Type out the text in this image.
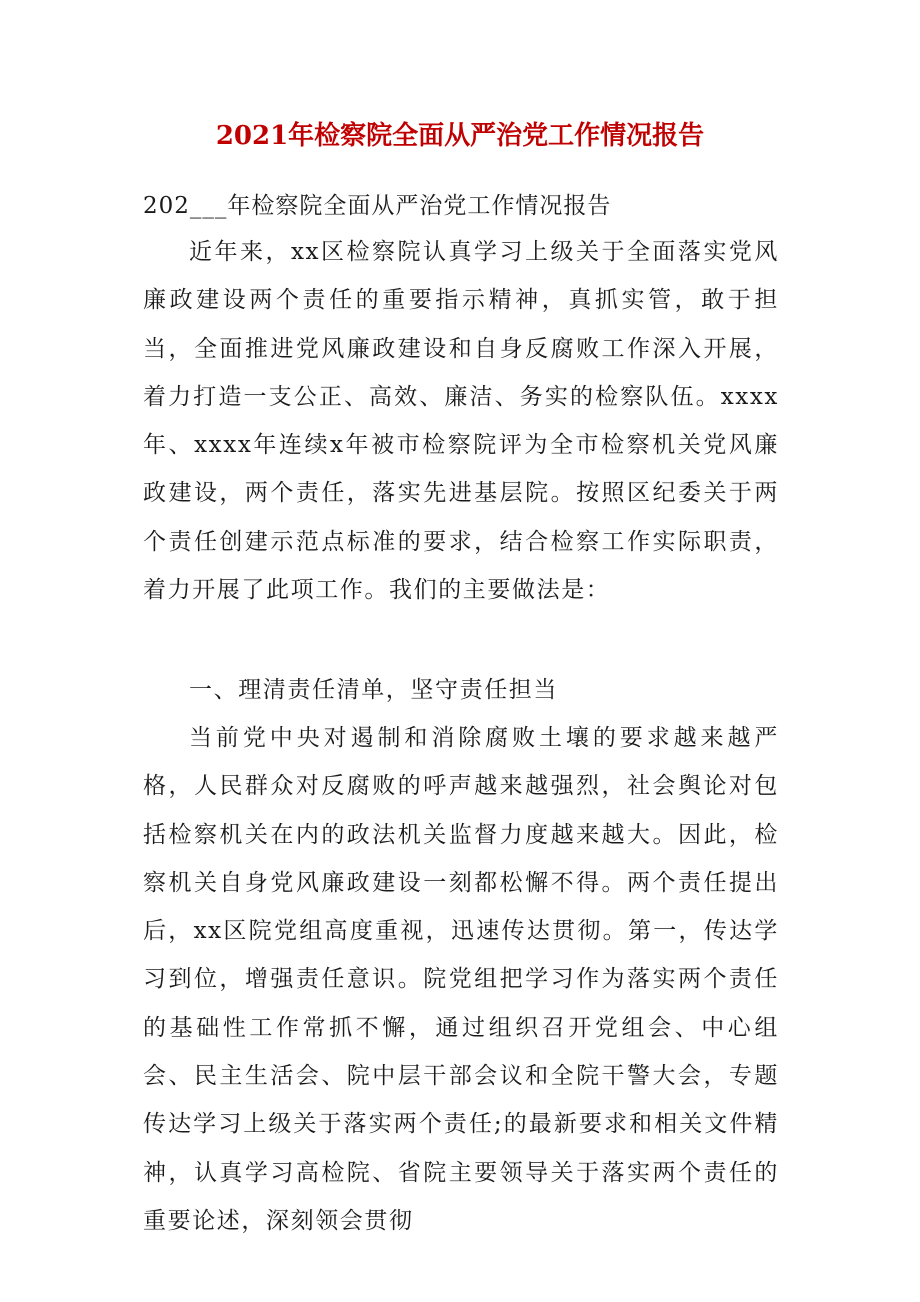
2021年检察院全面从严治党工作情况报告
202___年检察院全面从严治党工作情况报告

近年来，xx区检察院认真学习上级关于全面落实党风廉政建设两个责任的重要指示精神，真抓实管，敢于担当，全面推进党风廉政建设和自身反腐败工作深入开展，着力打造一支公正、高效、廉洁、务实的检察队伍。xxxx年、xxxx年连续x年被市检察院评为全市检察机关党风廉政建设，两个责任，落实先进基层院。按照区纪委关于两个责任创建示范点标准的要求，结合检察工作实际职责，着力开展了此项工作。我们的主要做法是：

一、理清责任清单，坚守责任担当

当前党中央对遏制和消除腐败土壤的要求越来越严格，人民群众对反腐败的呼声越来越强烈，社会舆论对包括检察机关在内的政法机关监督力度越来越大。因此，检察机关自身党风廉政建设一刻都松懈不得。两个责任提出后，xx区院党组高度重视，迅速传达贯彻。第一，传达学习到位，增强责任意识。院党组把学习作为落实两个责任的基础性工作常抓不懈，通过组织召开党组会、中心组会、民主生活会、院中层干部会议和全院干警大会，专题传达学习上级关于落实两个责任;的最新要求和相关文件精神，认真学习高检院、省院主要领导关于落实两个责任的重要论述，深刻领会贯彻
